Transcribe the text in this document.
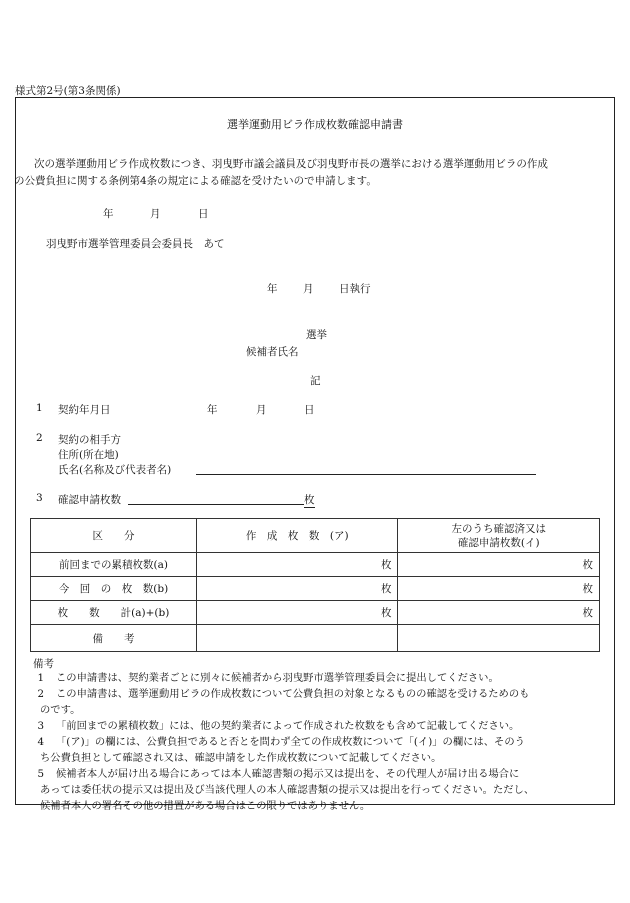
様式第2号(第3条関係)
選挙運動用ビラ作成枚数確認申請書
次の選挙運動用ビラ作成枚数につき、羽曳野市議会議員及び羽曳野市長の選挙における選挙運動用ビラの作成
の公費負担に関する条例第4条の規定による確認を受けたいので申請します。
年	月	日
羽曳野市選挙管理委員会委員長　あて
年 月 日執行
選挙
候補者氏名
記
1 契約年月日	年	月	日
2 契約の相手方
住所(所在地)
氏名(名称及び代表者名)
3 確認申請枚数	枚
区　　分	作　成　枚　数　(ア)	左のうち確認済又は
確認申請枚数(イ)
前回までの累積枚数(a)	枚	枚
今　回　の　枚　数(b)	枚	枚
枚　　数　　計(a)+(b)	枚	枚
備　　考		
備考
1 この申請書は、契約業者ごとに別々に候補者から羽曳野市選挙管理委員会に提出してください。
2 この申請書は、選挙運動用ビラの作成枚数について公費負担の対象となるものの確認を受けるためのも
のです。
3 「前回までの累積枚数」には、他の契約業者によって作成された枚数をも含めて記載してください。
4 「(ア)」の欄には、公費負担であると否とを問わず全ての作成枚数について「(イ)」の欄には、そのう
ち公費負担として確認され又は、確認申請をした作成枚数について記載してください。
5 候補者本人が届け出る場合にあっては本人確認書類の掲示又は提出を、その代理人が届け出る場合に
あっては委任状の提示又は提出及び当該代理人の本人確認書類の提示又は提出を行ってください。ただし、
候補者本人の署名その他の措置がある場合はこの限りではありません。
